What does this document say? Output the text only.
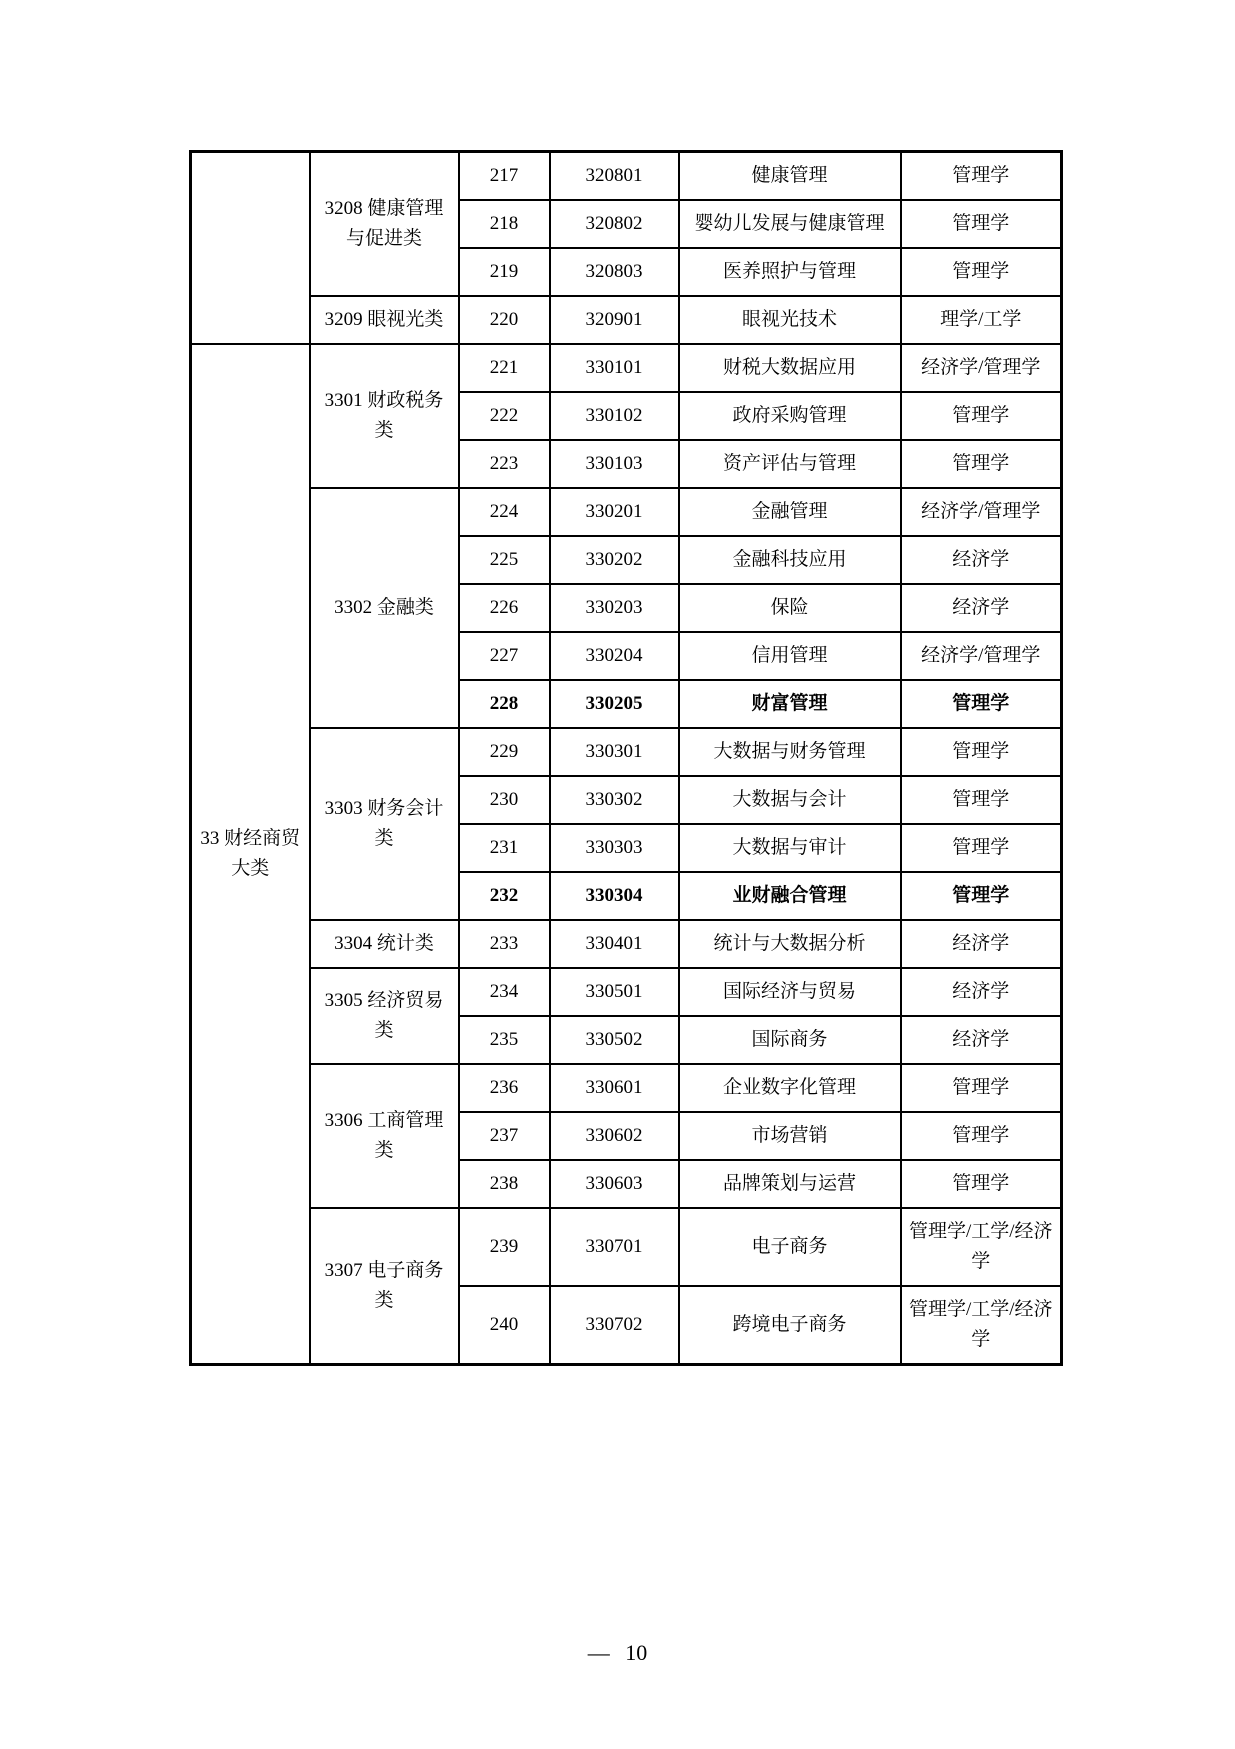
	3208 健康管理与促进类	217	320801	健康管理	管理学
		218	320802	婴幼儿发展与健康管理	管理学
		219	320803	医养照护与管理	管理学
	3209 眼视光类	220	320901	眼视光技术	理学/工学
33 财经商贸大类	3301 财政税务类	221	330101	财税大数据应用	经济学/管理学
		222	330102	政府采购管理	管理学
		223	330103	资产评估与管理	管理学
	3302 金融类	224	330201	金融管理	经济学/管理学
		225	330202	金融科技应用	经济学
		226	330203	保险	经济学
		227	330204	信用管理	经济学/管理学
		228	330205	财富管理	管理学
	3303 财务会计类	229	330301	大数据与财务管理	管理学
		230	330302	大数据与会计	管理学
		231	330303	大数据与审计	管理学
		232	330304	业财融合管理	管理学
	3304 统计类	233	330401	统计与大数据分析	经济学
	3305 经济贸易类	234	330501	国际经济与贸易	经济学
		235	330502	国际商务	经济学
	3306 工商管理类	236	330601	企业数字化管理	管理学
		237	330602	市场营销	管理学
		238	330603	品牌策划与运营	管理学
	3307 电子商务类	239	330701	电子商务	管理学/工学/经济学
		240	330702	跨境电子商务	管理学/工学/经济学
— 10
